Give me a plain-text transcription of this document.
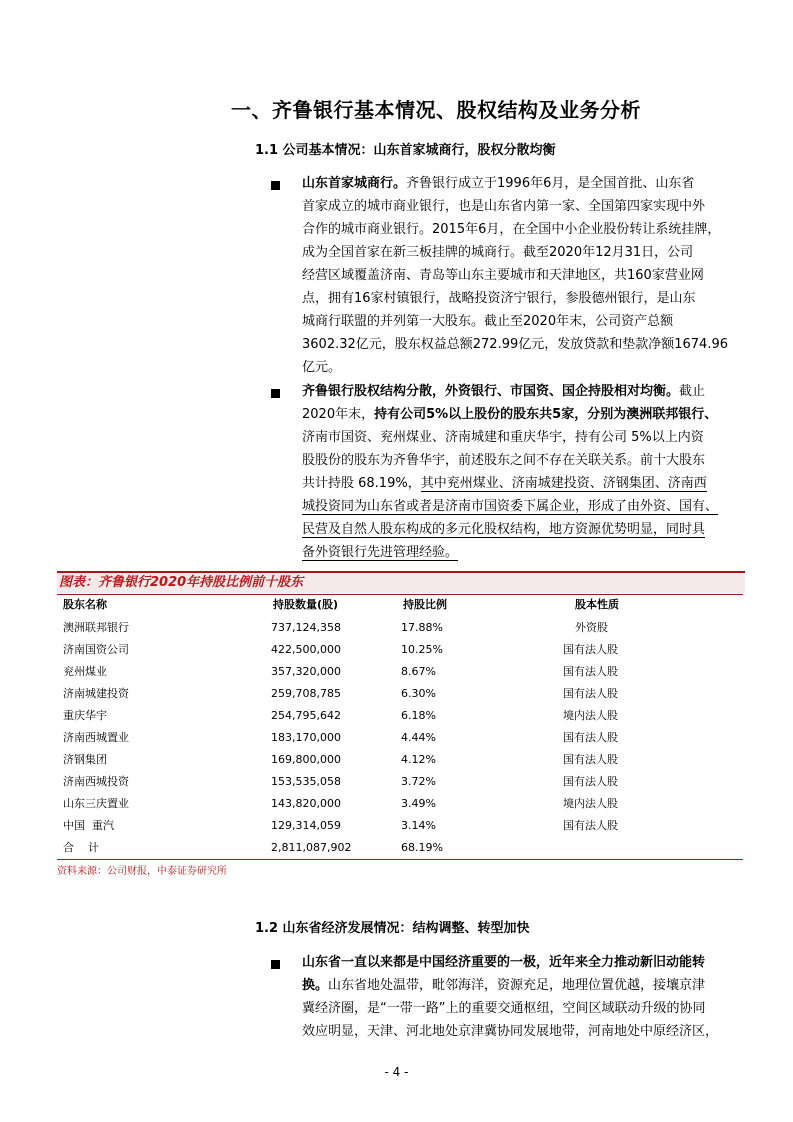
一、齐鲁银行基本情况、股权结构及业务分析
1.1 公司基本情况：山东首家城商行，股权分散均衡
山东首家城商行。齐鲁银行成立于1996年6月，是全国首批、山东省
首家成立的城市商业银行，也是山东省内第一家、全国第四家实现中外
合作的城市商业银行。2015年6月，在全国中小企业股份转让系统挂牌，
成为全国首家在新三板挂牌的城商行。截至2020年12月31日，公司
经营区域覆盖济南、青岛等山东主要城市和天津地区，共160家营业网
点，拥有16家村镇银行，战略投资济宁银行，参股德州银行，是山东
城商行联盟的并列第一大股东。截止至2020年末，公司资产总额
3602.32亿元，股东权益总额272.99亿元，发放贷款和垫款净额1674.96
亿元。
齐鲁银行股权结构分散，外资银行、市国资、国企持股相对均衡。截止
2020年末，持有公司5%以上股份的股东共5家，分别为澳洲联邦银行、
济南市国资、兖州煤业、济南城建和重庆华宇，持有公司 5%以上内资
股股份的股东为齐鲁华宇，前述股东之间不存在关联关系。前十大股东
共计持股 68.19%，其中兖州煤业、济南城建投资、济钢集团、济南西
城投资同为山东省或者是济南市国资委下属企业，形成了由外资、国有、
民营及自然人股东构成的多元化股权结构，地方资源优势明显，同时具
备外资银行先进管理经验。
图表：齐鲁银行2020年持股比例前十股东
股东名称	持股数量(股)	持股比例	股本性质
澳洲联邦银行	737,124,358	17.88%	外资股
济南国资公司	422,500,000	10.25%	国有法人股
兖州煤业	357,320,000	8.67%	国有法人股
济南城建投资	259,708,785	6.30%	国有法人股
重庆华宇	254,795,642	6.18%	境内法人股
济南西城置业	183,170,000	4.44%	国有法人股
济钢集团	169,800,000	4.12%	国有法人股
济南西城投资	153,535,058	3.72%	国有法人股
山东三庆置业	143,820,000	3.49%	境内法人股
中国  重汽	129,314,059	3.14%	国有法人股
合    计	2,811,087,902	68.19%
资料来源：公司财报，中泰证券研究所
1.2 山东省经济发展情况：结构调整、转型加快
山东省一直以来都是中国经济重要的一极，近年来全力推动新旧动能转
换。山东省地处温带，毗邻海洋，资源充足，地理位置优越，接壤京津
冀经济圈，是“一带一路”上的重要交通枢纽，空间区域联动升级的协同
效应明显，天津、河北地处京津冀协同发展地带，河南地处中原经济区，
- 4 -
